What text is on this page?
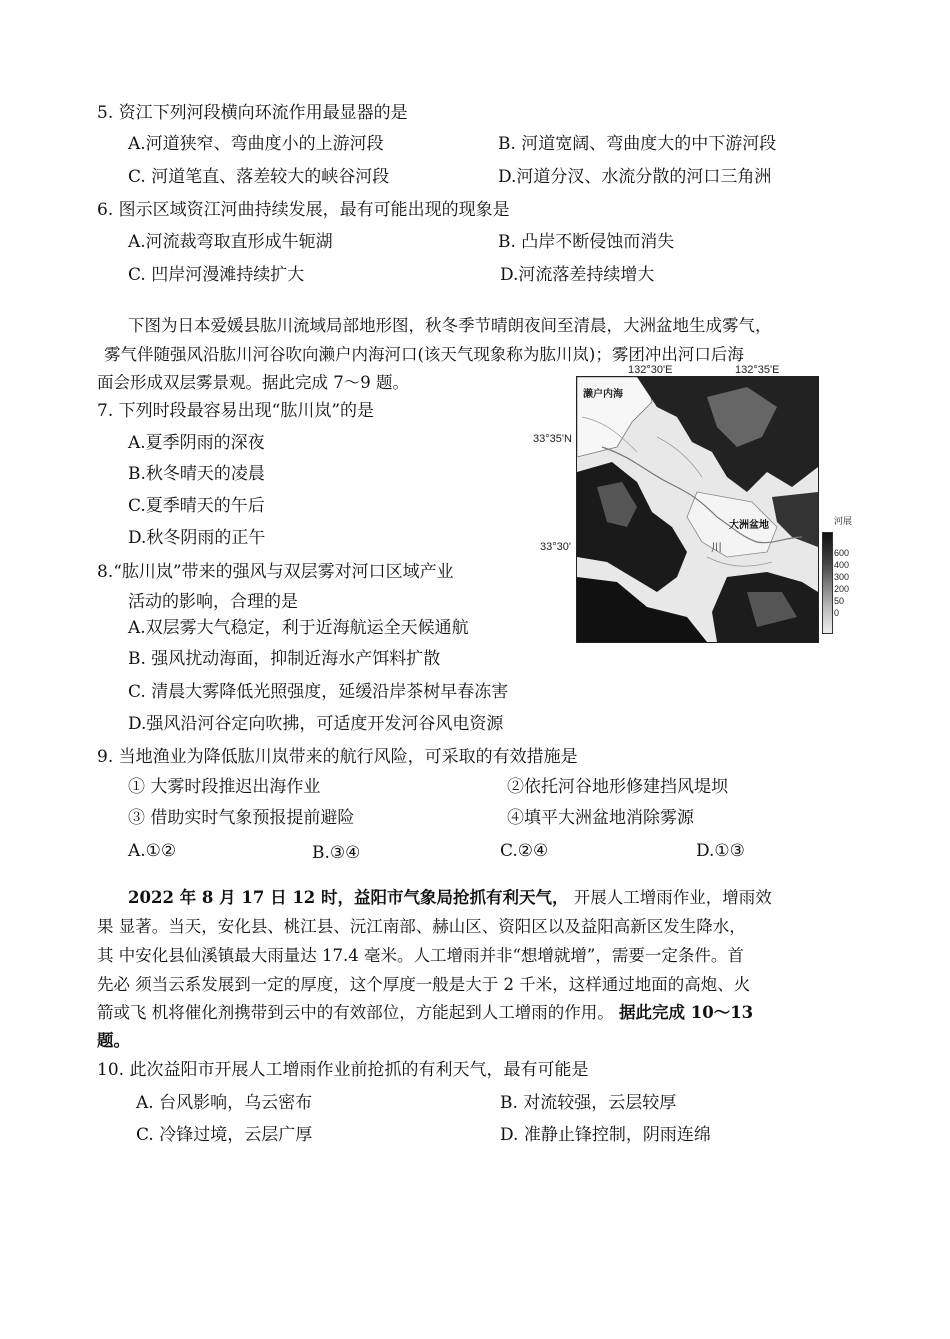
5. 资江下列河段横向环流作用最显器的是
A.河道狭窄、弯曲度小的上游河段	B. 河道宽阔、弯曲度大的中下游河段
C. 河道笔直、落差较大的峡谷河段	D.河道分汊、水流分散的河口三角洲
6. 图示区域资江河曲持续发展，最有可能出现的现象是
A.河流裁弯取直形成牛轭湖	B. 凸岸不断侵蚀而消失
C. 凹岸河漫滩持续扩大	D.河流落差持续增大
下图为日本爱媛县肱川流域局部地形图，秋冬季节晴朗夜间至清晨，大洲盆地生成雾气，
雾气伴随强风沿肱川河谷吹向濑户内海河口(该天气现象称为肱川岚)；雾团冲出河口后海
面会形成双层雾景观。据此完成 7～9 题。
7. 下列时段最容易出现“肱川岚”的是
A.夏季阴雨的深夜
B.秋冬晴天的凌晨
C.夏季晴天的午后
D.秋冬阴雨的正午
8.“肱川岚”带来的强风与双层雾对河口区域产业
活动的影响，合理的是
A.双层雾大气稳定，利于近海航运全天候通航
B. 强风扰动海面，抑制近海水产饵料扩散
C. 清晨大雾降低光照强度，延缓沿岸茶树早春冻害
D.强风沿河谷定向吹拂，可适度开发河谷风电资源
9. 当地渔业为降低肱川岚带来的航行风险，可采取的有效措施是
① 大雾时段推迟出海作业	②依托河谷地形修建挡风堤坝
③ 借助实时气象预报提前避险	④填平大洲盆地消除雾源
A.①②	B.③④	C.②④	D.①③
2022 年 8 月 17 日 12 时，益阳市气象局抢抓有利天气， 开展人工增雨作业，增雨效
果 显著。当天，安化县、桃江县、沅江南部、赫山区、资阳区以及益阳高新区发生降水，
其 中安化县仙溪镇最大雨量达 17.4 毫米。人工增雨并非“想增就增”，需要一定条件。首
先必 须当云系发展到一定的厚度，这个厚度一般是大于 2 千米，这样通过地面的高炮、火
箭或飞 机将催化剂携带到云中的有效部位，方能起到人工增雨的作用。 据此完成 10～13
题。
10. 此次益阳市开展人工增雨作业前抢抓的有利天气，最有可能是
A. 台风影响，乌云密布	B. 对流较强，云层较厚
C. 冷锋过境，云层广厚	D. 准静止锋控制，阴雨连绵
132°30'E	132°35'E
33°35'N
33°30'
濑户内海
大洲盆地
川
河展
600
400
300
200
50
0
